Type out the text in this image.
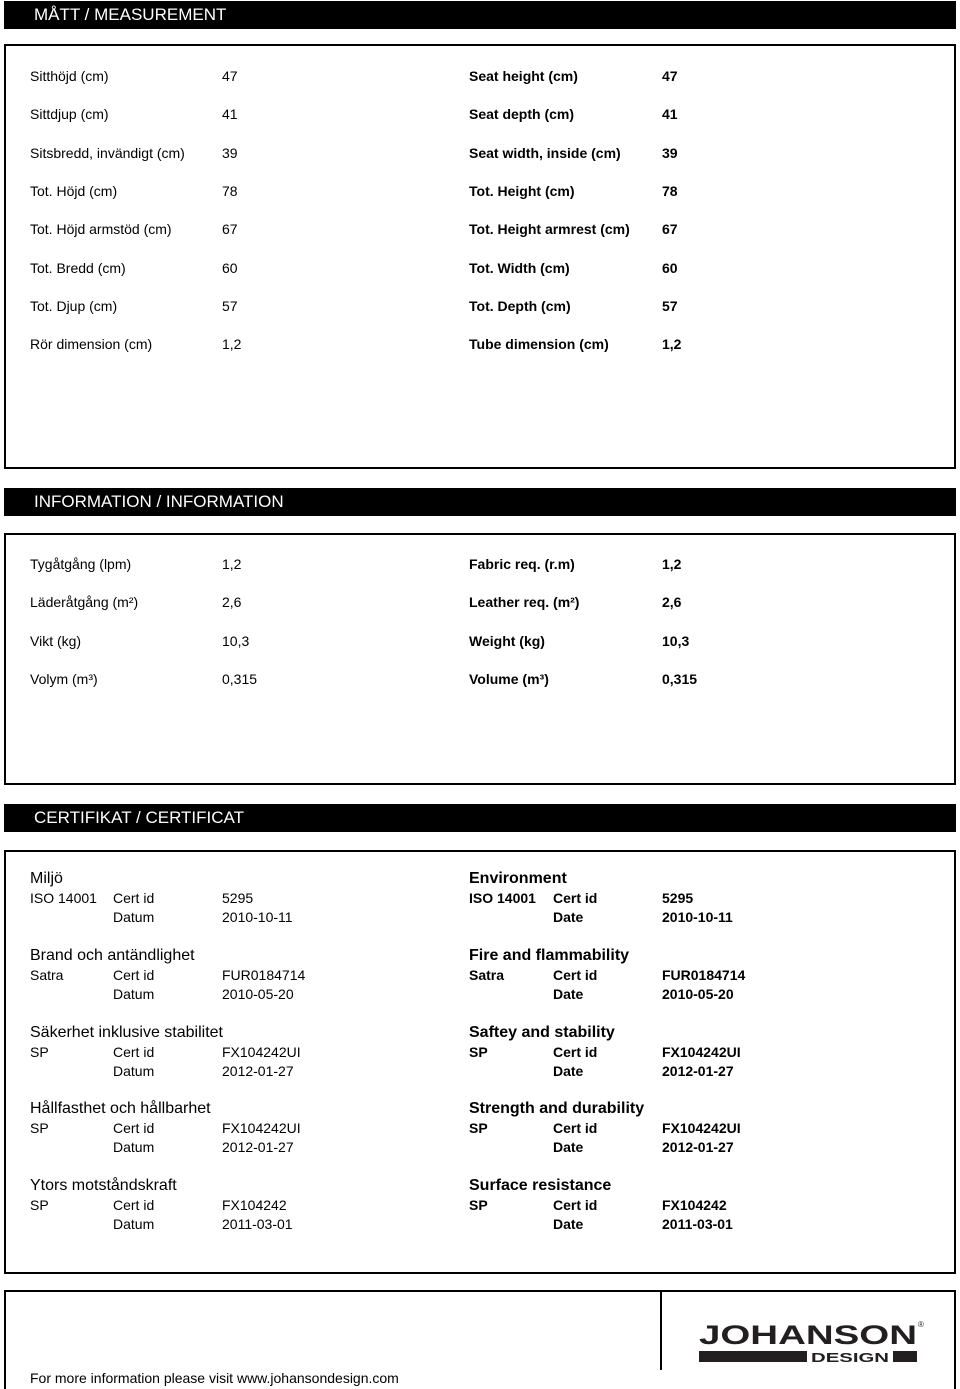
MÅTT / MEASUREMENT
INFORMATION / INFORMATION
CERTIFIKAT / CERTIFICAT
For more information please visit www.johansondesign.com
JOHANSON ®
DESIGN
Sitthöjd (cm)	47	Seat height (cm)	47
Sittdjup (cm)	41	Seat depth (cm)	41
Sitsbredd, invändigt (cm)	39	Seat width, inside (cm)	39
Tot. Höjd (cm)	78	Tot. Height (cm)	78
Tot. Höjd armstöd (cm)	67	Tot. Height armrest (cm) 67
Tot. Bredd (cm)	60	Tot. Width (cm)	60
Tot. Djup (cm)	57	Tot. Depth (cm)	57
Rör dimension (cm)	1,2	Tube dimension (cm)	1,2
Tygåtgång (lpm)	1,2	Fabric req. (r.m)	1,2
Läderåtgång (m²)	2,6	Leather req. (m²)	2,6
Vikt (kg)	10,3	Weight (kg)	10,3
Volym (m³)	0,315	Volume (m³)	0,315
Miljö	Environment
ISO 14001 Cert id	5295	ISO 14001 Cert id	5295
Datum	2010-10-11	Date	2010-10-11
Brand och antändlighet	Fire and flammability
Satra	Cert id	FUR0184714	Satra	Cert id	FUR0184714
Datum	2010-05-20	Date	2010-05-20
Säkerhet inklusive stabilitet	Saftey and stability
SP	Cert id	FX104242UI	SP	Cert id	FX104242UI
Datum	2012-01-27	Date	2012-01-27
Hållfasthet och hållbarhet	Strength and durability
SP	Cert id	FX104242UI	SP	Cert id	FX104242UI
Datum	2012-01-27	Date	2012-01-27
Ytors motståndskraft	Surface resistance
SP	Cert id	FX104242	SP	Cert id	FX104242
Datum	2011-03-01	Date	2011-03-01
